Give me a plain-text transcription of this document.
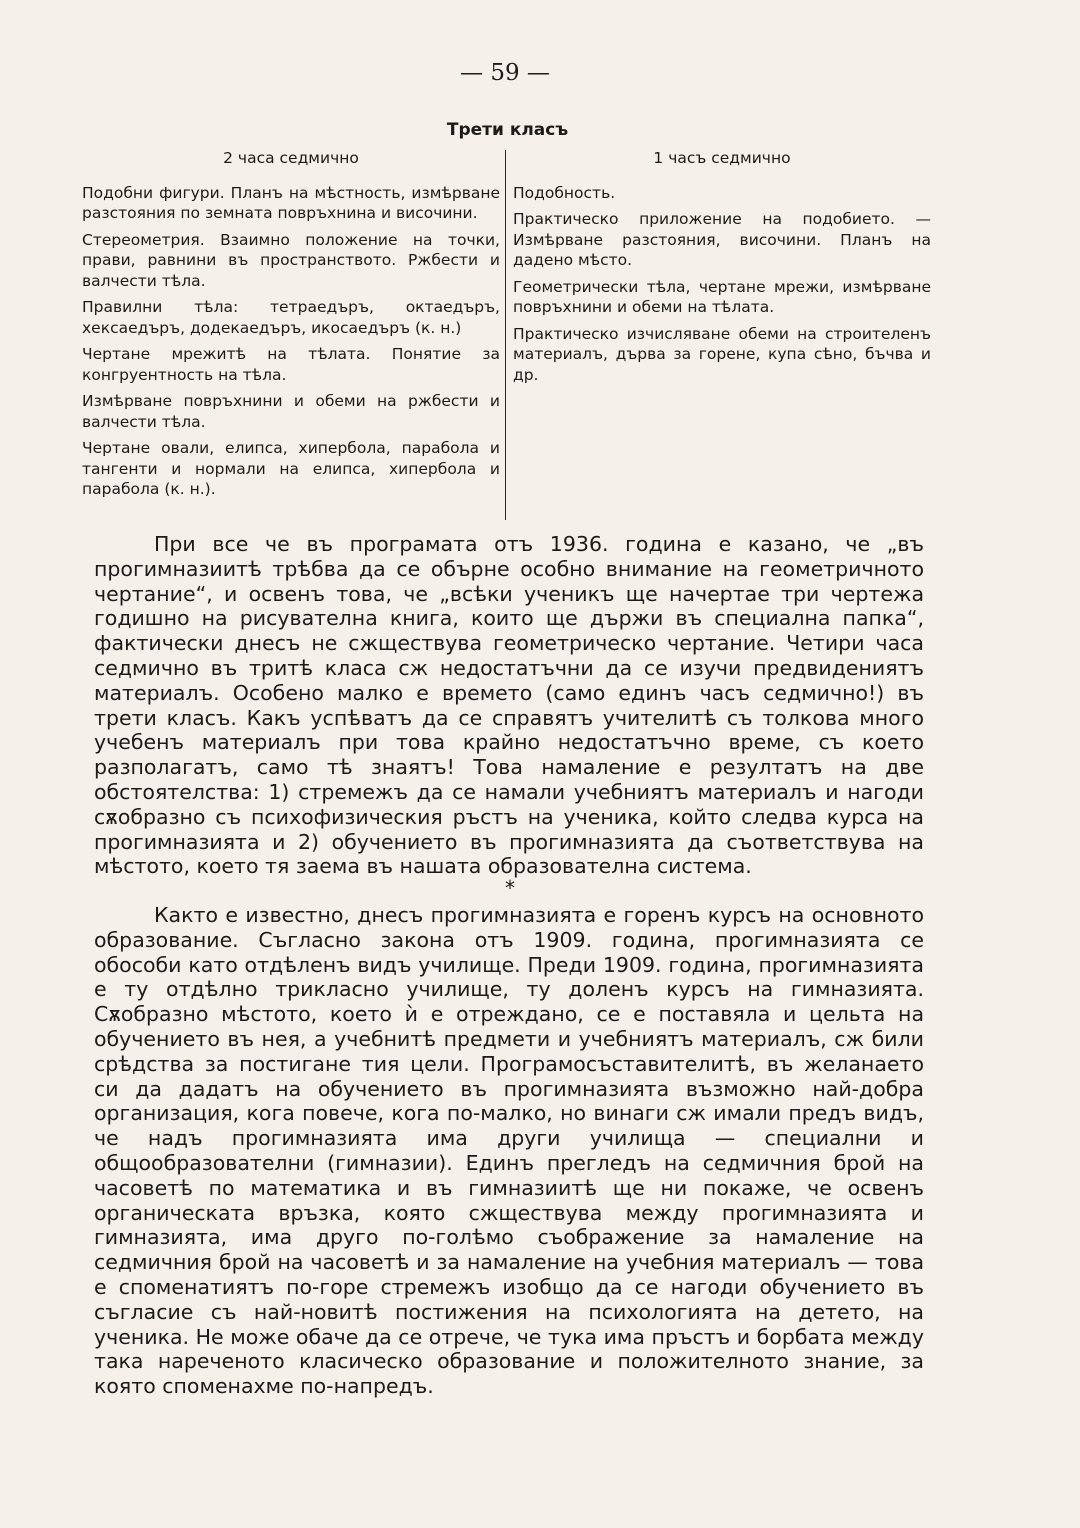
— 59 —
Трети класъ
2 часа седмично

Подобни фигури. Планъ на мѣстность, измѣрване разстояния по земната повръхнина и височини.

Стереометрия. Взаимно положение на точки, прави, равнини въ пространството. Ржбести и валчести тѣла.

Правилни тѣла: тетраедъръ, октаедъръ, хексаедъръ, додекаедъръ, икосаедъръ (к. н.)

Чертане мрежитѣ на тѣлата. Понятие за конгруентность на тѣла.

Измѣрване повръхнини и обеми на ржбести и валчести тѣла.

Чертане овали, елипса, хипербола, парабола и тангенти и нормали на елипса, хипербола и парабола (к. н.).

1 часъ седмично

Подобность.

Практическо приложение на подобието. — Измѣрване разстояния, височини. Планъ на дадено мѣсто.

Геометрически тѣла, чертане мрежи, измѣрване повръхнини и обеми на тѣлата.

Практическо изчисляване обеми на строителенъ материалъ, дърва за горене, купа сѣно, бъчва и др.

При все че въ програмата отъ 1936. година е казано, че „въ прогимназиитѣ трѣбва да се обърне особно внимание на геометричното чертание“, и освенъ това, че „всѣки ученикъ ще начертае три чертежа годишно на рисувателна книга, които ще държи въ специална папка“, фактически днесъ не сжществува геометрическо чертание. Четири часа седмично въ тритѣ класа сж недостатъчни да се изучи предвидениятъ материалъ. Особено малко е времето (само единъ часъ седмично!) въ трети класъ. Какъ успѣватъ да се справятъ учителитѣ съ толкова много учебенъ материалъ при това крайно недостатъчно време, съ което разполагатъ, само тѣ знаятъ! Това намаление е резултатъ на две обстоятелства: 1) стремежъ да се намали учебниятъ материалъ и нагоди сѫобразно съ психофизическия ръстъ на ученика, който следва курса на прогимназията и 2) обучението въ прогимназията да съответствува на мѣстото, което тя заема въ нашата образователна система.

*

Както е известно, днесъ прогимназията е горенъ курсъ на основното образование. Съгласно закона отъ 1909. година, прогимназията се обособи като отдѣленъ видъ училище. Преди 1909. година, прогимназията е ту отдѣлно трикласно училище, ту доленъ курсъ на гимназията. Сѫобразно мѣстото, което ѝ е отреждано, се е поставяла и цельта на обучението въ нея, а учебнитѣ предмети и учебниятъ материалъ, сж били срѣдства за постигане тия цели. Програмосъставителитѣ, въ желанаето си да дадатъ на обучението въ прогимназията възможно най-добра организация, кога повече, кога по-малко, но винаги сж имали предъ видъ, че надъ прогимназията има други училища — специални и общообразователни (гимназии). Единъ прегледъ на седмичния брой на часоветѣ по математика и въ гимназиитѣ ще ни покаже, че освенъ органическата връзка, която сжществува между прогимназията и гимназията, има друго по-голѣмо съображение за намаление на седмичния брой на часоветѣ и за намаление на учебния материалъ — това е споменатиятъ по-горе стремежъ изобщо да се нагоди обучението въ съгласие съ най-новитѣ постижения на психологията на детето, на ученика. Не може обаче да се отрече, че тука има пръстъ и борбата между така нареченото класическо образование и положителното знание, за която споменахме по-напредъ.
